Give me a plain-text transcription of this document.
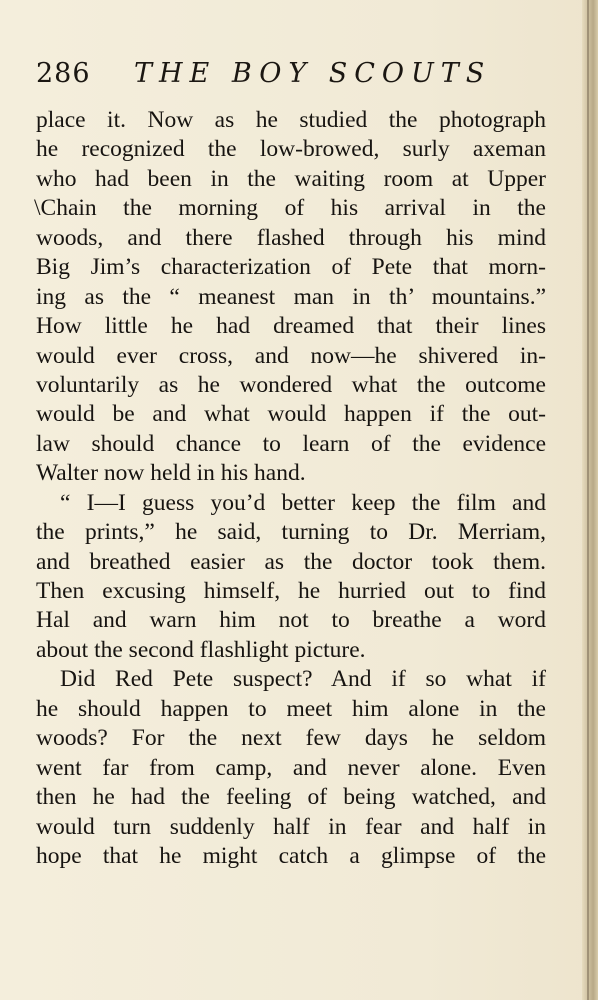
286 THE BOY SCOUTS
place it. Now as he studied the photograph
he recognized the low-browed, surly axeman
who had been in the waiting room at Upper
\Chain the morning of his arrival in the
woods, and there flashed through his mind
Big Jim’s characterization of Pete that morn-
ing as the “ meanest man in th’ mountains.”
How little he had dreamed that their lines
would ever cross, and now—he shivered in-
voluntarily as he wondered what the outcome
would be and what would happen if the out-
law should chance to learn of the evidence
Walter now held in his hand.
“ I—I guess you’d better keep the film and
the prints,” he said, turning to Dr. Merriam,
and breathed easier as the doctor took them.
Then excusing himself, he hurried out to find
Hal and warn him not to breathe a word
about the second flashlight picture.
Did Red Pete suspect? And if so what if
he should happen to meet him alone in the
woods? For the next few days he seldom
went far from camp, and never alone. Even
then he had the feeling of being watched, and
would turn suddenly half in fear and half in
hope that he might catch a glimpse of the
